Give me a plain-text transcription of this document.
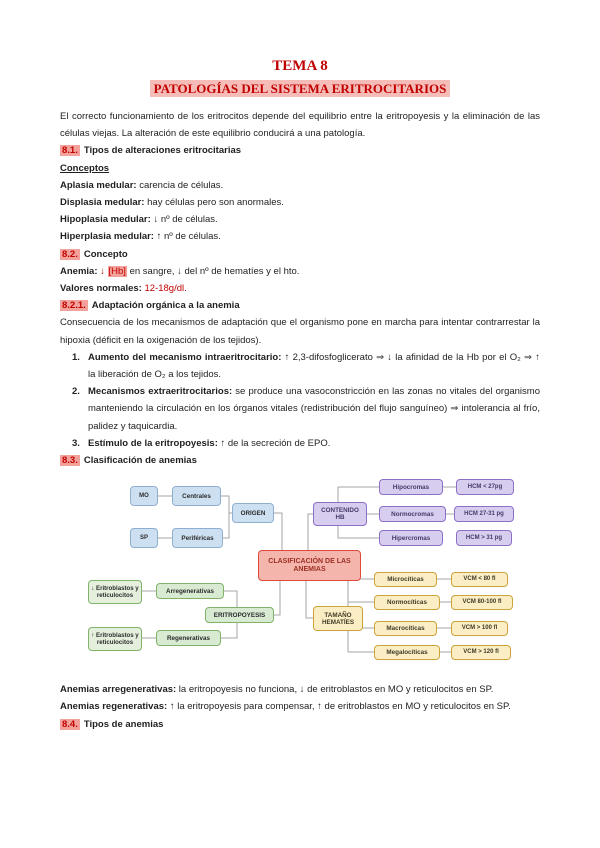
TEMA 8
PATOLOGÍAS DEL SISTEMA ERITROCITARIOS

El correcto funcionamiento de los eritrocitos depende del equilibrio entre la eritropoyesis y la eliminación de las células viejas. La alteración de este equilibrio conducirá a una patología.

8.1. Tipos de alteraciones eritrocitarias

Conceptos

Aplasia medular: carencia de células.

Displasia medular: hay células pero son anormales.

Hipoplasia medular: ↓ nº de células.

Hiperplasia medular: ↑ nº de células.

8.2. Concepto

Anemia: ↓ [Hb] en sangre, ↓ del nº de hematíes y el hto.

Valores normales: 12-18g/dl.

8.2.1. Adaptación orgánica a la anemia

Consecuencia de los mecanismos de adaptación que el organismo pone en marcha para intentar contrarrestar la hipoxia (déficit en la oxigenación de los tejidos).

1. Aumento del mecanismo intraeritrocitario: ↑ 2,3-difosfoglicerato ⇒ ↓ la afinidad de la Hb por el O₂ ⇒ ↑ la liberación de O₂ a los tejidos.

2. Mecanismos extraeritrocitarios: se produce una vasoconstricción en las zonas no vitales del organismo manteniendo la circulación en los órganos vitales (redistribución del flujo sanguíneo) ⇒ intolerancia al frío, palidez y taquicardia.

3. Estímulo de la eritropoyesis: ↑ de la secreción de EPO.

8.3. Clasificación de anemias

MO	Centrales
SP	Periféricas
ORIGEN
CLASIFICACIÓN DE LAS ANEMIAS
CONTENIDO HB
Hipocromas	HCM < 27pg
Normocromas	HCM 27-31 pg
Hipercromas	HCM > 31 pg
TAMAÑO HEMATÍES
Microcíticas	VCM < 80 fl
Normocíticas	VCM 80-100 fl
Macrocíticas	VCM > 100 fl
Megalocíticas	VCM > 120 fl
↓ Eritroblastos y reticulocitos
Arregenerativas
ERITROPOYESIS
↑ Eritroblastos y reticulocitos
Regenerativas

Anemias arregenerativas: la eritropoyesis no funciona, ↓ de eritroblastos en MO y reticulocitos en SP.

Anemias regenerativas: ↑ la eritropoyesis para compensar, ↑ de eritroblastos en MO y reticulocitos en SP.

8.4. Tipos de anemias
